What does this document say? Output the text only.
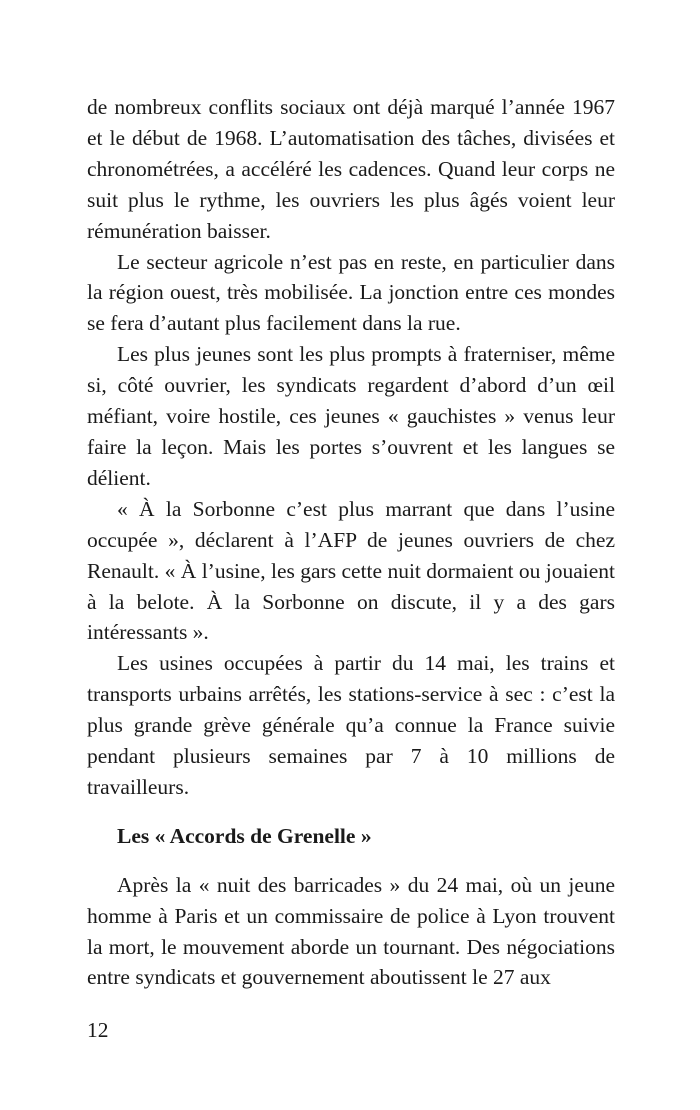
de nombreux conflits sociaux ont déjà marqué l’année 1967 et le début de 1968. L’automatisation des tâches, divisées et chronométrées, a accéléré les cadences. Quand leur corps ne suit plus le rythme, les ouvriers les plus âgés voient leur rémunération baisser.

Le secteur agricole n’est pas en reste, en particulier dans la région ouest, très mobilisée. La jonction entre ces mondes se fera d’autant plus facilement dans la rue.

Les plus jeunes sont les plus prompts à fraterniser, même si, côté ouvrier, les syndicats regardent d’abord d’un œil méfiant, voire hostile, ces jeunes « gauchistes » venus leur faire la leçon. Mais les portes s’ouvrent et les langues se délient.

« À la Sorbonne c’est plus marrant que dans l’usine occupée », déclarent à l’AFP de jeunes ouvriers de chez Renault. « À l’usine, les gars cette nuit dormaient ou jouaient à la belote. À la Sorbonne on discute, il y a des gars intéressants ».

Les usines occupées à partir du 14 mai, les trains et transports urbains arrêtés, les stations-service à sec : c’est la plus grande grève générale qu’a connue la France suivie pendant plusieurs semaines par 7 à 10 millions de travailleurs.

Les « Accords de Grenelle »

Après la « nuit des barricades » du 24 mai, où un jeune homme à Paris et un commissaire de police à Lyon trouvent la mort, le mouvement aborde un tournant. Des négociations entre syndicats et gouvernement aboutissent le 27 aux

12
